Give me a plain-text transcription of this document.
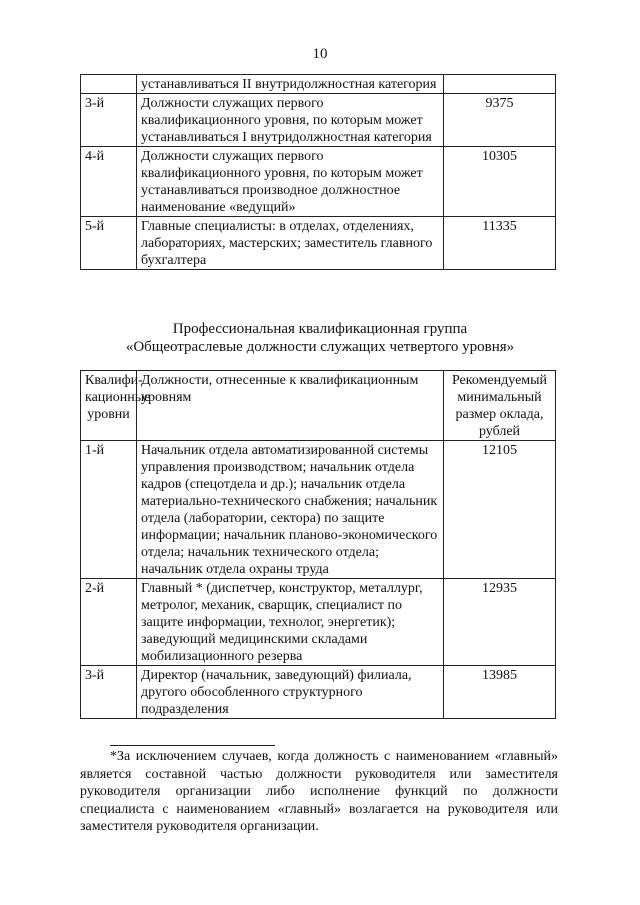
10
	устанавливаться II внутридолжностная категория	
3-й	Должности служащих первого квалификационного уровня, по которым может устанавливаться I внутридолжностная категория	9375
4-й	Должности служащих первого квалификационного уровня, по которым может устанавливаться производное должностное наименование «ведущий»	10305
5-й	Главные специалисты: в отделах, отделениях, лабораториях, мастерских; заместитель главного бухгалтера	11335
Профессиональная квалификационная группа
«Общеотраслевые должности служащих четвертого уровня»
Квалифи-кационные уровни	Должности, отнесенные к квалификационным уровням	Рекомендуемый минимальный размер оклада, рублей
1-й	Начальник отдела автоматизированной системы управления производством; начальник отдела кадров (спецотдела и др.); начальник отдела материально-технического снабжения; начальник отдела (лаборатории, сектора) по защите информации; начальник планово-экономического отдела; начальник технического отдела; начальник отдела охраны труда	12105
2-й	Главный * (диспетчер, конструктор, металлург, метролог, механик, сварщик, специалист по защите информации, технолог, энергетик); заведующий медицинскими складами мобилизационного резерва	12935
3-й	Директор (начальник, заведующий) филиала, другого обособленного структурного подразделения	13985
*За исключением случаев, когда должность с наименованием «главный» является составной частью должности руководителя или заместителя руководителя организации либо исполнение функций по должности специалиста с наименованием «главный» возлагается на руководителя или заместителя руководителя организации.
